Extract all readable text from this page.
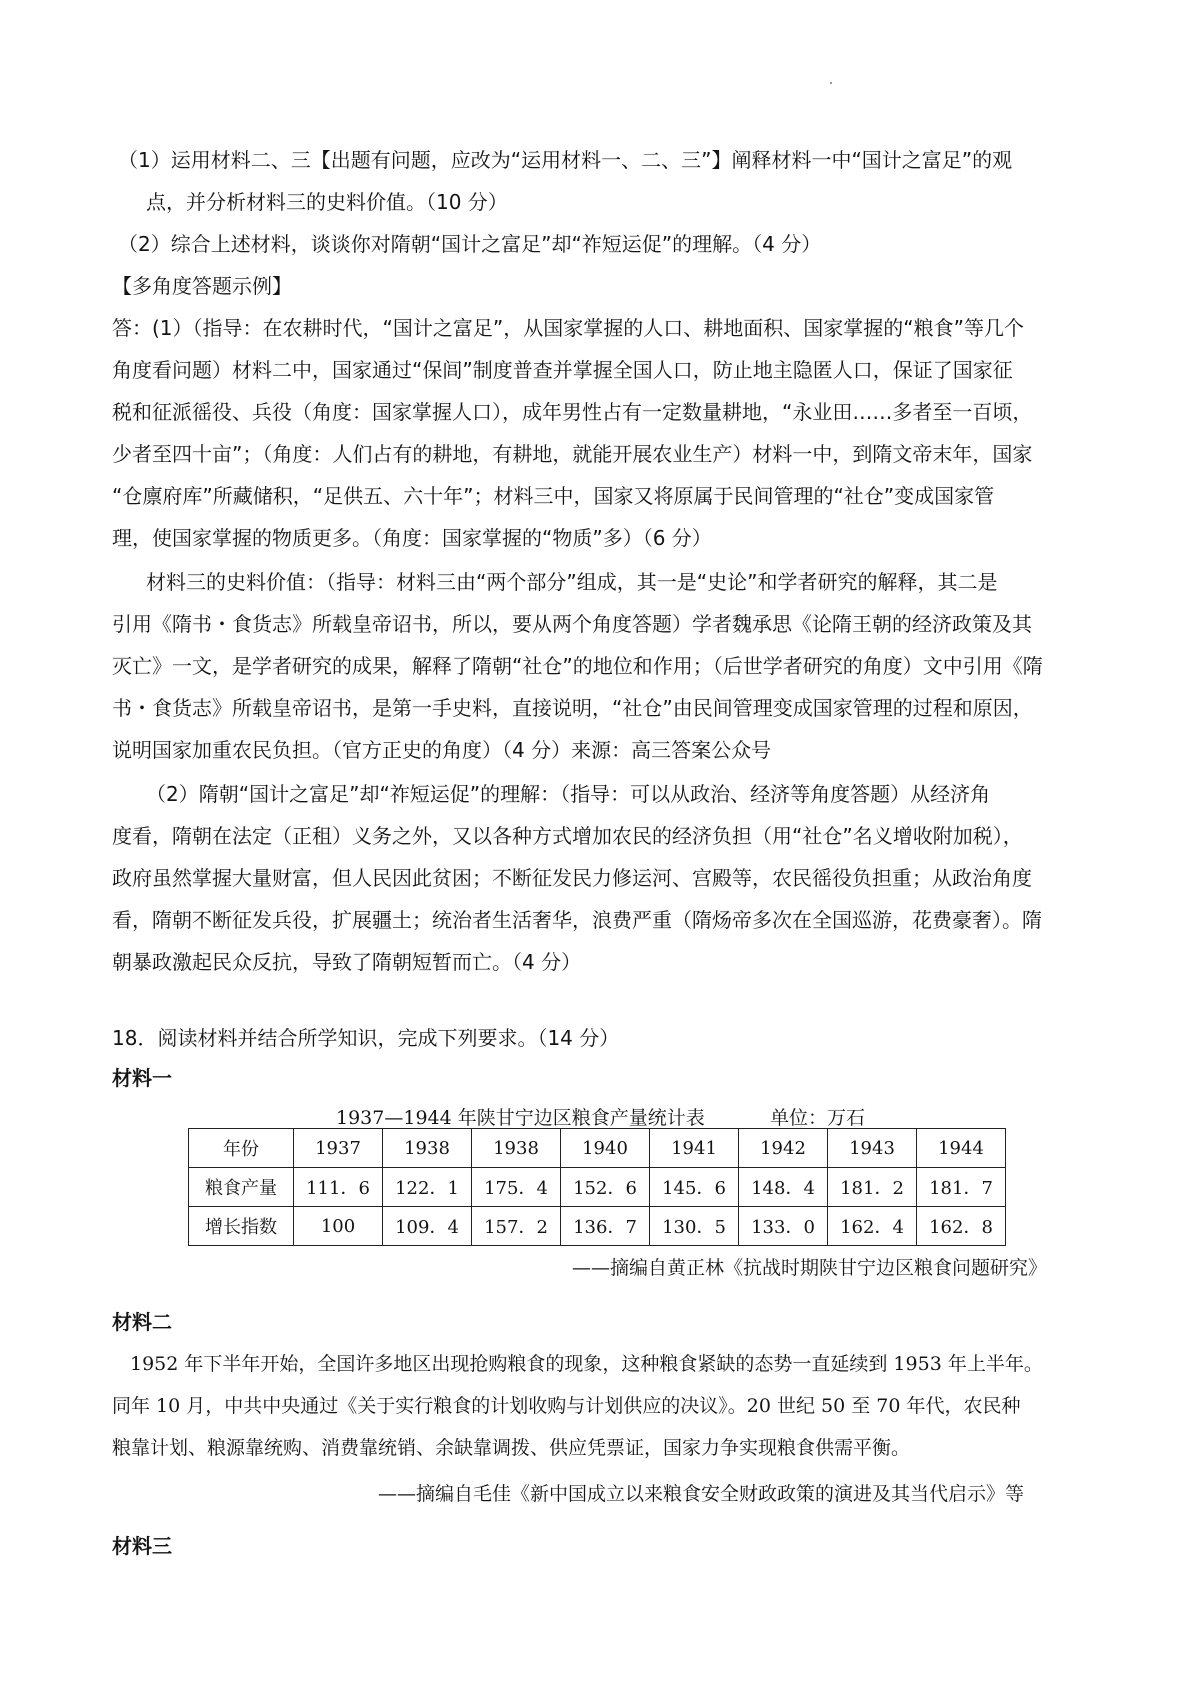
（1）运用材料二、三【出题有问题，应改为“运用材料一、二、三”】阐释材料一中“国计之富足”的观
点，并分析材料三的史料价值。（10 分）
（2）综合上述材料，谈谈你对隋朝“国计之富足”却“祚短运促”的理解。（4 分）
【多角度答题示例】
答：(1）（指导：在农耕时代，“国计之富足”，从国家掌握的人口、耕地面积、国家掌握的“粮食”等几个
角度看问题）材料二中，国家通过“保闾”制度普查并掌握全国人口，防止地主隐匿人口，保证了国家征
税和征派徭役、兵役（角度：国家掌握人口），成年男性占有一定数量耕地，“永业田……多者至一百顷，
少者至四十亩”；（角度：人们占有的耕地，有耕地，就能开展农业生产）材料一中，到隋文帝末年，国家
“仓廪府库”所藏储积，“足供五、六十年”；材料三中，国家又将原属于民间管理的“社仓”变成国家管
理，使国家掌握的物质更多。（角度：国家掌握的“物质”多）（6 分）
材料三的史料价值：（指导：材料三由“两个部分”组成，其一是“史论”和学者研究的解释，其二是
引用《隋书・食货志》所载皇帝诏书，所以，要从两个角度答题）学者魏承思《论隋王朝的经济政策及其
灭亡》一文，是学者研究的成果，解释了隋朝“社仓”的地位和作用；（后世学者研究的角度）文中引用《隋
书・食货志》所载皇帝诏书，是第一手史料，直接说明，“社仓”由民间管理变成国家管理的过程和原因，
说明国家加重农民负担。（官方正史的角度）（4 分）来源：高三答案公众号
（2）隋朝“国计之富足”却“祚短运促”的理解：（指导：可以从政治、经济等角度答题）从经济角
度看，隋朝在法定（正租）义务之外，又以各种方式增加农民的经济负担（用“社仓”名义增收附加税），
政府虽然掌握大量财富，但人民因此贫困；不断征发民力修运河、宫殿等，农民徭役负担重；从政治角度
看，隋朝不断征发兵役，扩展疆土；统治者生活奢华，浪费严重（隋炀帝多次在全国巡游，花费豪奢）。隋
朝暴政激起民众反抗，导致了隋朝短暂而亡。（4 分）
18．阅读材料并结合所学知识，完成下列要求。（14 分）
材料一
1937—1944 年陕甘宁边区粮食产量统计表	单位：万石
年份	1937	1938	1938	1940	1941	1942	1943	1944
粮食产量	111．6	122．1	175．4	152．6	145．6	148．4	181．2	181．7
增长指数	100	109．4	157．2	136．7	130．5	133．0	162．4	162．8
——摘编自黄正林《抗战时期陕甘宁边区粮食问题研究》
材料二
1952 年下半年开始，全国许多地区出现抢购粮食的现象，这种粮食紧缺的态势一直延续到 1953 年上半年。
同年 10 月，中共中央通过《关于实行粮食的计划收购与计划供应的决议》。20 世纪 50 至 70 年代，农民种
粮靠计划、粮源靠统购、消费靠统销、余缺靠调拨、供应凭票证，国家力争实现粮食供需平衡。
——摘编自毛佳《新中国成立以来粮食安全财政政策的演进及其当代启示》等
材料三
